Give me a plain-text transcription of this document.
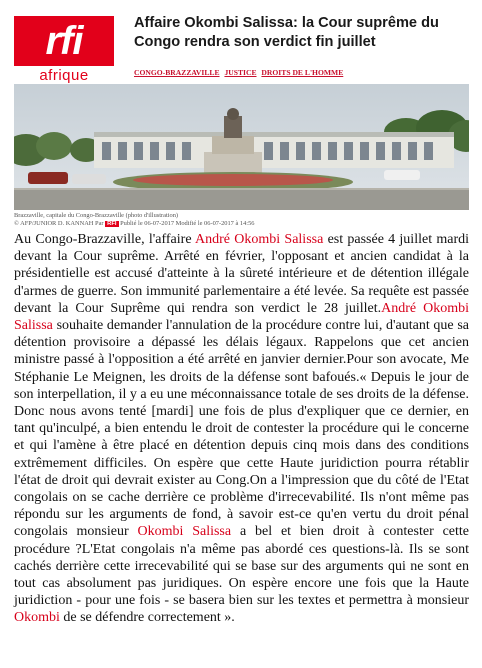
rfi
afrique
Affaire Okombi Salissa: la Cour suprême du Congo rendra son verdict fin juillet
CONGO-BRAZZAVILLE JUSTICE DROITS DE L'HOMME
Brazzaville, capitale du Congo-Brazzaville (photo d'illustration)
© AFP/JUNIOR D. KANNAH Par RFI Publié le 06-07-2017 Modifié le 06-07-2017 à 14:56

Au Congo-Brazzaville, l'affaire André Okombi Salissa est passée 4 juillet mardi devant la Cour suprême. Arrêté en février, l'opposant et ancien candidat à la présidentielle est accusé d'atteinte à la sûreté intérieure et de détention illégale d'armes de guerre. Son immunité parlementaire a été levée. Sa requête est passée devant la Cour Suprême qui rendra son verdict le 28 juillet.André Okombi Salissa souhaite demander l'annulation de la procédure contre lui, d'autant que sa détention provisoire a dépassé les délais légaux. Rappelons que cet ancien ministre passé à l'opposition a été arrêté en janvier dernier.Pour son avocate, Me Stéphanie Le Meignen, les droits de la défense sont bafoués.« Depuis le jour de son interpellation, il y a eu une méconnaissance totale de ses droits de la défense. Donc nous avons tenté [mardi] une fois de plus d'expliquer que ce dernier, en tant qu'inculpé, a bien entendu le droit de contester la procédure qui le concerne et qui l'amène à être placé en détention depuis cinq mois dans des conditions extrêmement difficiles. On espère que cette Haute juridiction pourra rétablir l'état de droit qui devrait exister au Cong.On a l'impression que du côté de l'Etat congolais on se cache derrière ce problème d'irrecevabilité. Ils n'ont même pas répondu sur les arguments de fond, à savoir est-ce qu'en vertu du droit pénal congolais monsieur Okombi Salissa a bel et bien droit à contester cette procédure ?L'Etat congolais n'a même pas abordé ces questions-là. Ils se sont cachés derrière cette irrecevabilité qui se base sur des arguments qui ne sont en tout cas absolument pas juridiques. On espère encore une fois que la Haute juridiction - pour une fois - se basera bien sur les textes et permettra à monsieur Okombi de se défendre correctement ».
